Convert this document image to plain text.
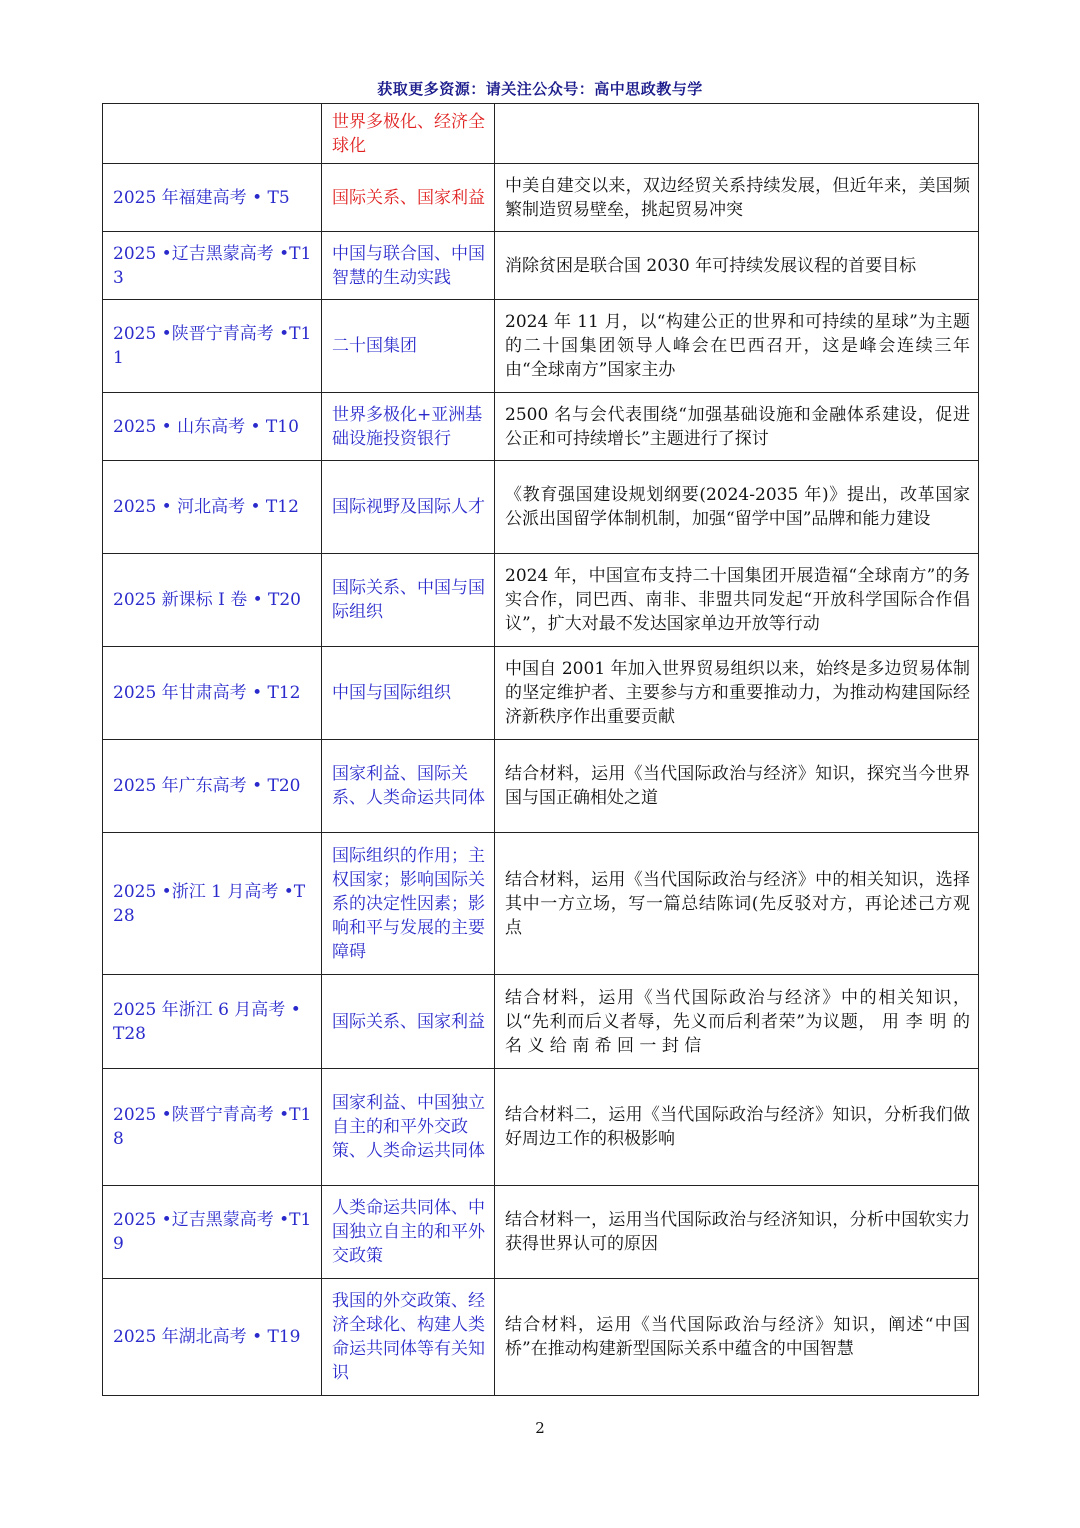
获取更多资源：请关注公众号：高中思政教与学
	世界多极化、经济全球化	
2025 年福建高考 • T5	国际关系、国家利益	中美自建交以来，双边经贸关系持续发展，但近年来，美国频繁制造贸易壁垒，挑起贸易冲突
2025 •辽吉黑蒙高考 •T13	中国与联合国、中国智慧的生动实践	消除贫困是联合国 2030 年可持续发展议程的首要目标
2025 •陕晋宁青高考 •T11	二十国集团	2024 年 11 月，以“构建公正的世界和可持续的星球”为主题的二十国集团领导人峰会在巴西召开，这是峰会连续三年由“全球南方”国家主办
2025 • 山东高考 • T10	世界多极化+亚洲基础设施投资银行	2500 名与会代表围绕“加强基础设施和金融体系建设，促进公正和可持续增长”主题进行了探讨
2025 • 河北高考 • T12	国际视野及国际人才	《教育强国建设规划纲要(2024-2035 年)》提出，改革国家公派出国留学体制机制，加强“留学中国”品牌和能力建设
2025 新课标 I 卷 • T20	国际关系、中国与国际组织	2024 年，中国宣布支持二十国集团开展造福“全球南方”的务实合作，同巴西、南非、非盟共同发起“开放科学国际合作倡议”，扩大对最不发达国家单边开放等行动
2025 年甘肃高考 • T12	中国与国际组织	中国自 2001 年加入世界贸易组织以来，始终是多边贸易体制的坚定维护者、主要参与方和重要推动力，为推动构建国际经济新秩序作出重要贡献
2025 年广东高考 • T20	国家利益、国际关系、人类命运共同体	结合材料，运用《当代国际政治与经济》知识，探究当今世界国与国正确相处之道
2025 •浙江 1 月高考 •T28	国际组织的作用；主权国家；影响国际关系的决定性因素；影响和平与发展的主要障碍	结合材料，运用《当代国际政治与经济》中的相关知识，选择其中一方立场，写一篇总结陈词(先反驳对方，再论述己方观点
2025 年浙江 6 月高考 • T28	国际关系、国家利益	结合材料，运用《当代国际政治与经济》中的相关知识，以“先利而后义者辱，先义而后利者荣”为议题， 用 李 明 的 名 义 给 南 希 回 一 封 信
2025 •陕晋宁青高考 •T18	国家利益、中国独立自主的和平外交政策、人类命运共同体	结合材料二，运用《当代国际政治与经济》知识，分析我们做好周边工作的积极影响
2025 •辽吉黑蒙高考 •T19	人类命运共同体、中国独立自主的和平外交政策	结合材料一，运用当代国际政治与经济知识，分析中国软实力获得世界认可的原因
2025 年湖北高考 • T19	我国的外交政策、经济全球化、构建人类命运共同体等有关知识	结合材料，运用《当代国际政治与经济》知识，阐述“中国桥”在推动构建新型国际关系中蕴含的中国智慧
2
